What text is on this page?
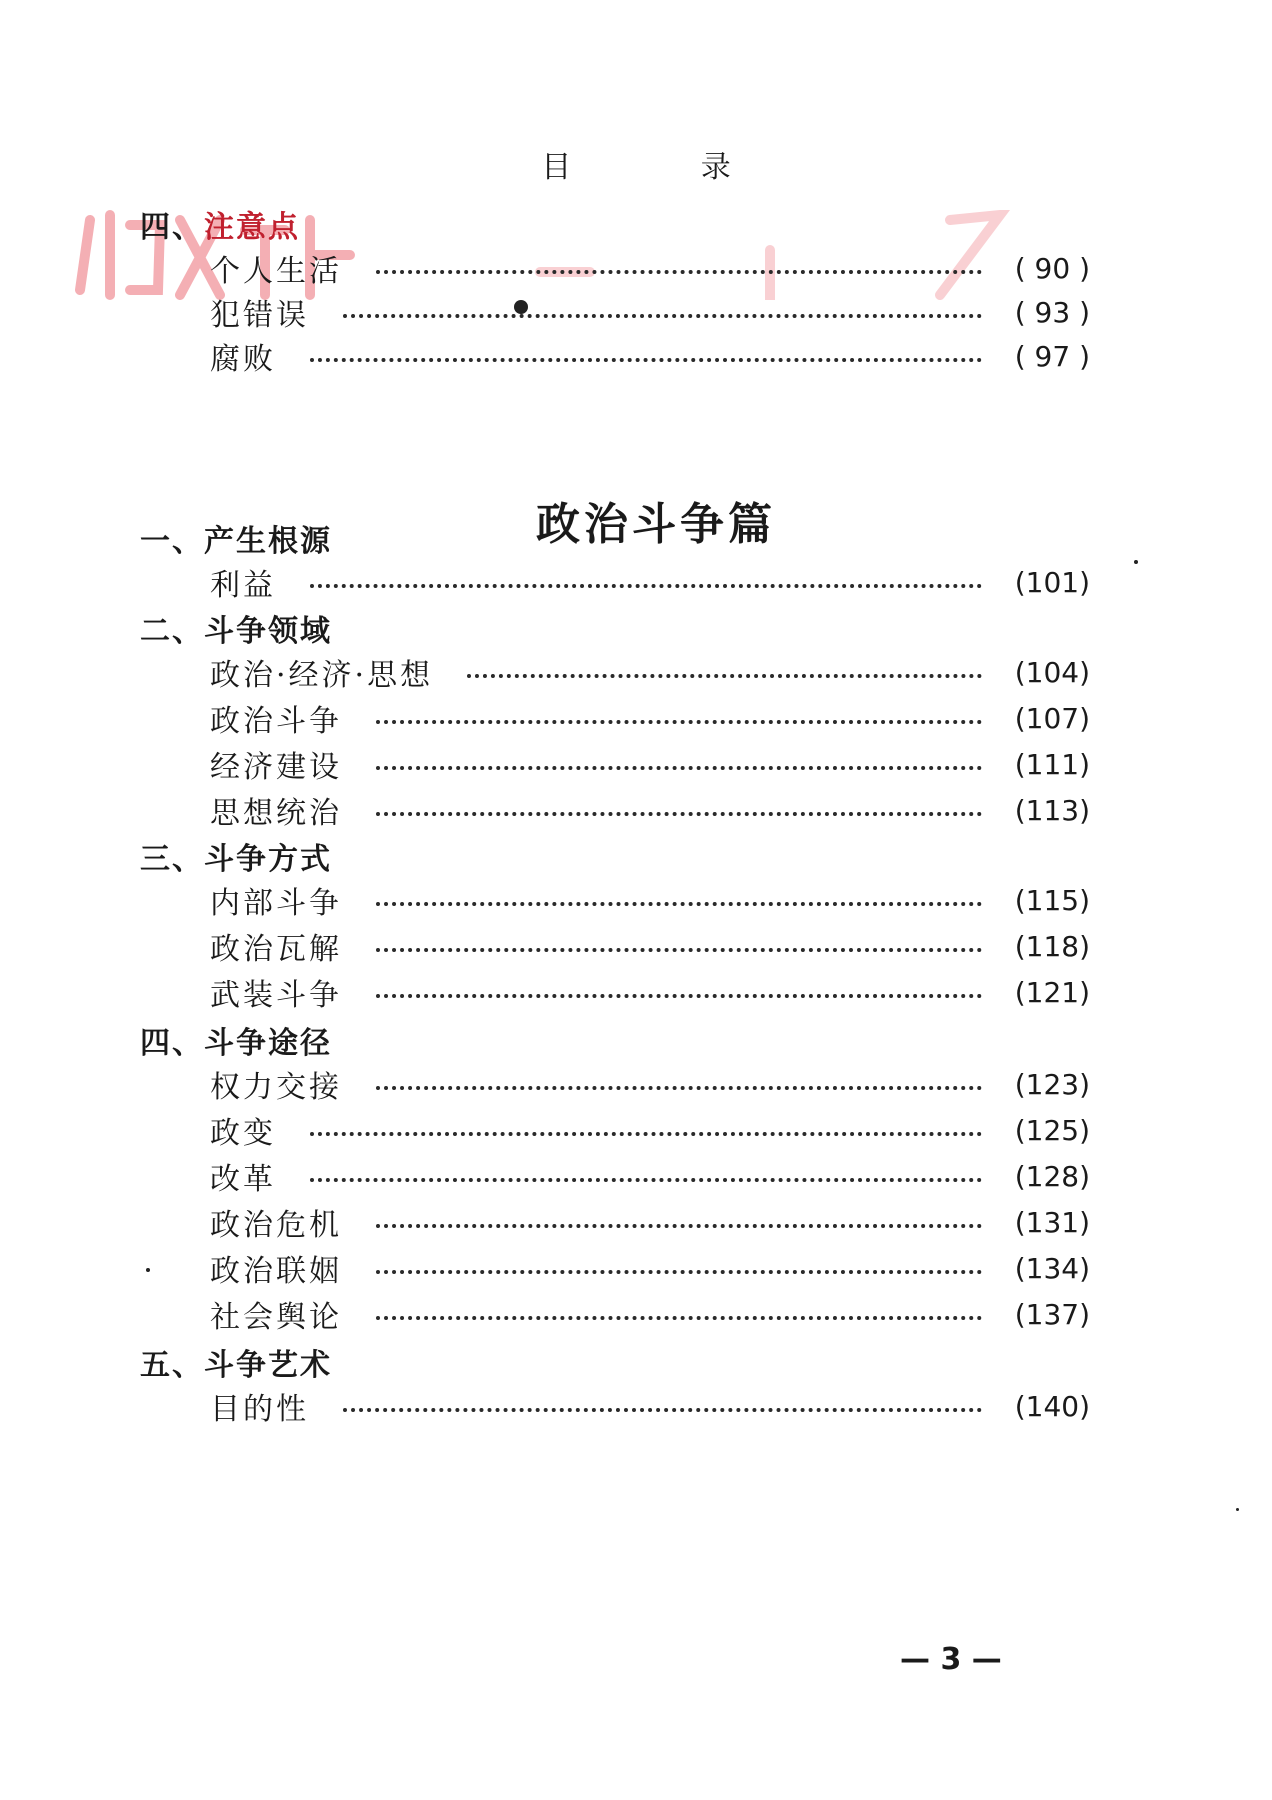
目 录
四、注意点
个人生活	( 90 )
犯错误	( 93 )
腐败	( 97 )
一、产生根源
利益	(101)
二、斗争领域
政治·经济·思想	(104)
政治斗争	(107)
经济建设	(111)
思想统治	(113)
三、斗争方式
内部斗争	(115)
政治瓦解	(118)
武装斗争	(121)
四、斗争途径
权力交接	(123)
政变	(125)
改革	(128)
政治危机	(131)
政治联姻	(134)
社会舆论	(137)
五、斗争艺术
目的性	(140)
政治斗争篇
— 3 —
